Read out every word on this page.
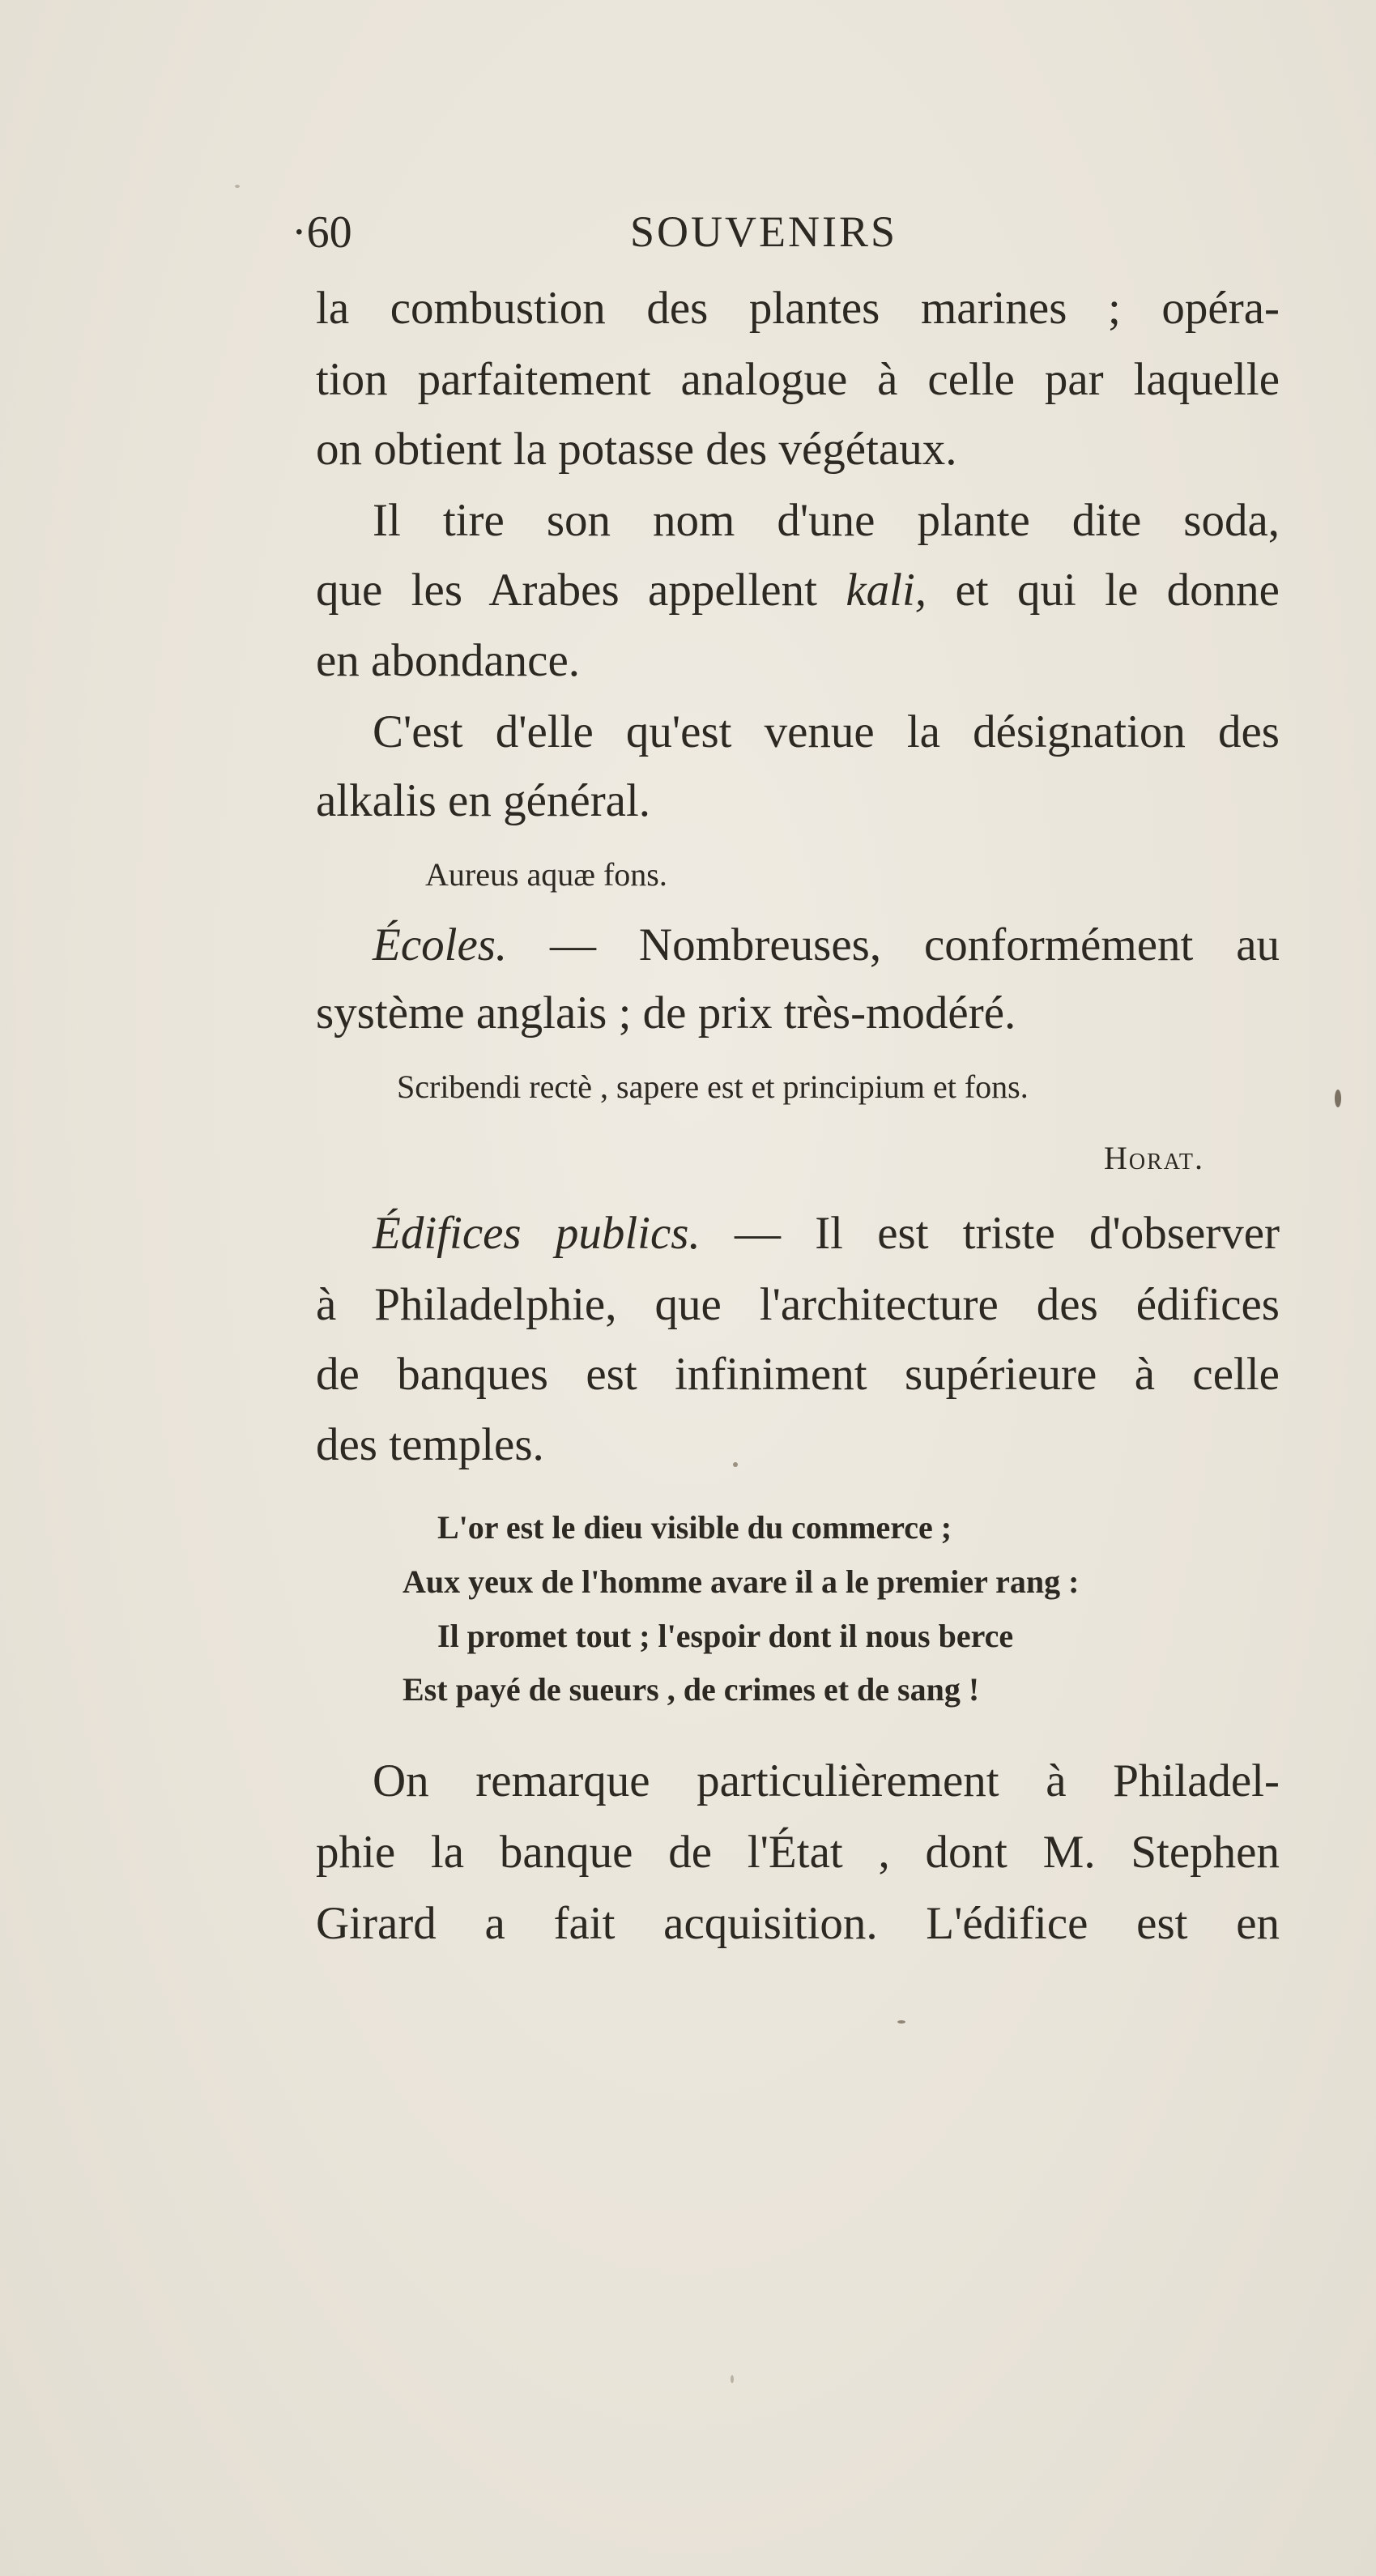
·60	SOUVENIRS
la combustion des plantes marines ; opéra-
tion parfaitement analogue à celle par laquelle
on obtient la potasse des végétaux.
Il tire son nom d'une plante dite soda,
que les Arabes appellent kali, et qui le donne
en abondance.
C'est d'elle qu'est venue la désignation des
alkalis en général.
Aureus aquæ fons.
Écoles. — Nombreuses, conformément au
système anglais ; de prix très-modéré.
Scribendi rectè , sapere est et principium et fons.
Horat.
Édifices publics. — Il est triste d'observer
à Philadelphie, que l'architecture des édifices
de banques est infiniment supérieure à celle
des temples.
L'or est le dieu visible du commerce ;
Aux yeux de l'homme avare il a le premier rang :
Il promet tout ; l'espoir dont il nous berce
Est payé de sueurs , de crimes et de sang !
On remarque particulièrement à Philadel-
phie la banque de l'État , dont M. Stephen
Girard a fait acquisition. L'édifice est en
